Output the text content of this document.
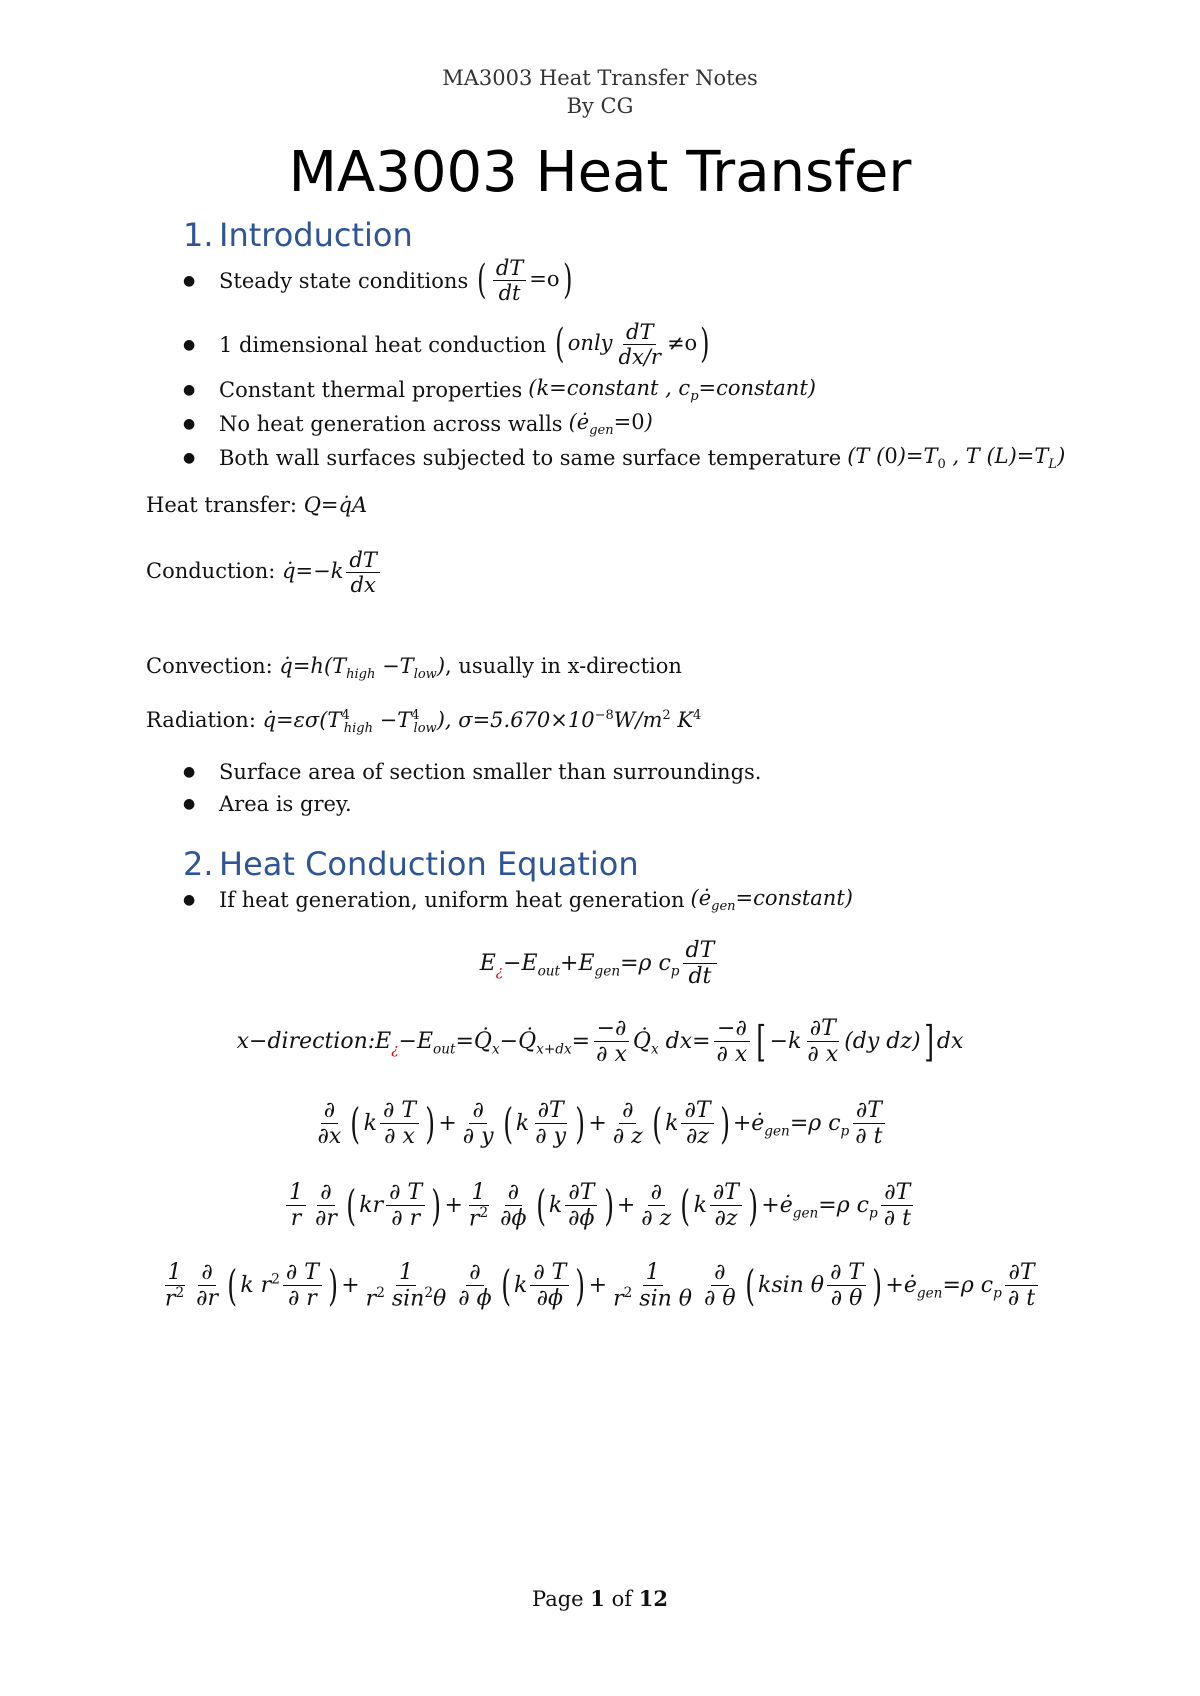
MA3003 Heat Transfer Notes
By CG
MA3003 Heat Transfer
1. Introduction
●	Steady state conditions ( $\frac{dT}{dt} =o$)
●	1 dimensional heat conduction ( only $\frac{dT}{dx/r} \ne o$)
●	Constant thermal properties (k=constant , $c_p=constant$)
●	No heat generation across walls $(ė_{gen}=0)$
●	Both wall surfaces subjected to same surface temperature (T $(0)=T_0$ , T $(L)=T_L$)
Heat transfer: Q=q̇A
Conduction: q̇=−k $\frac{dT}{dx}$
Convection: $q̇=h(T_{high} -T_{low})$, usually in x-direction
Radiation: $q̇=\varepsilon\sigma(T^4_{high} -T^4_{low})$, $\sigma=5.670\times 10^{-8}W/m^2$ $K^4$
●	Surface area of section smaller than surroundings.
●	Area is grey.
2. Heat Conduction Equation
●	If heat generation, uniform heat generation $(ė_{gen}=constant)$
$E_¿-E_{out}+E_{gen}=\rho$ $c_p \frac{dT}{dt}$
$x-direction:E_¿-E_{out}=Q̇_x-Q̇_{x+dx}= \frac{-\partial}{\partial x}$ $Q̇_x$ $dx= \frac{-\partial}{\partial x}$ [ $-k \frac{\partial T}{\partial x} (dy$ dz)] dx
$\frac{\partial}{\partial x}$ ( k $\frac{\partial T}{\partial x}$ ) + $\frac{\partial}{\partial y}$ ( k $\frac{\partial T}{\partial y}$ ) + $\frac{\partial}{\partial z}$ ( k $\frac{\partial T}{\partial z}$ ) $+ė_{gen}=\rho$ $c_p \frac{\partial T}{\partial t}$
$\frac{1}{r} \frac{\partial}{\partial r}$ ( kr $\frac{\partial T}{\partial r}$ ) + $\frac{1}{r^2} \frac{\partial}{\partial\phi}$ ( k $\frac{\partial T}{\partial\phi}$ ) + $\frac{\partial}{\partial z}$ ( k $\frac{\partial T}{\partial z}$ ) $+ė_{gen}=\rho$ $c_p \frac{\partial T}{\partial t}$
$\frac{1}{r^2} \frac{\partial}{\partial r}$ ( k $r^2 \frac{\partial T}{\partial r}$ ) + $\frac{1}{r^2 \sin^2\theta} \frac{\partial}{\partial \phi}$ ( k $\frac{\partial T}{\partial\phi}$ ) + $\frac{1}{r^2 \sin \theta} \frac{\partial}{\partial \theta}$ ( ksin θ $\frac{\partial T}{\partial \theta}$ ) $+ė_{gen}=\rho$ $c_p \frac{\partial T}{\partial t}$
Page 1 of 12
